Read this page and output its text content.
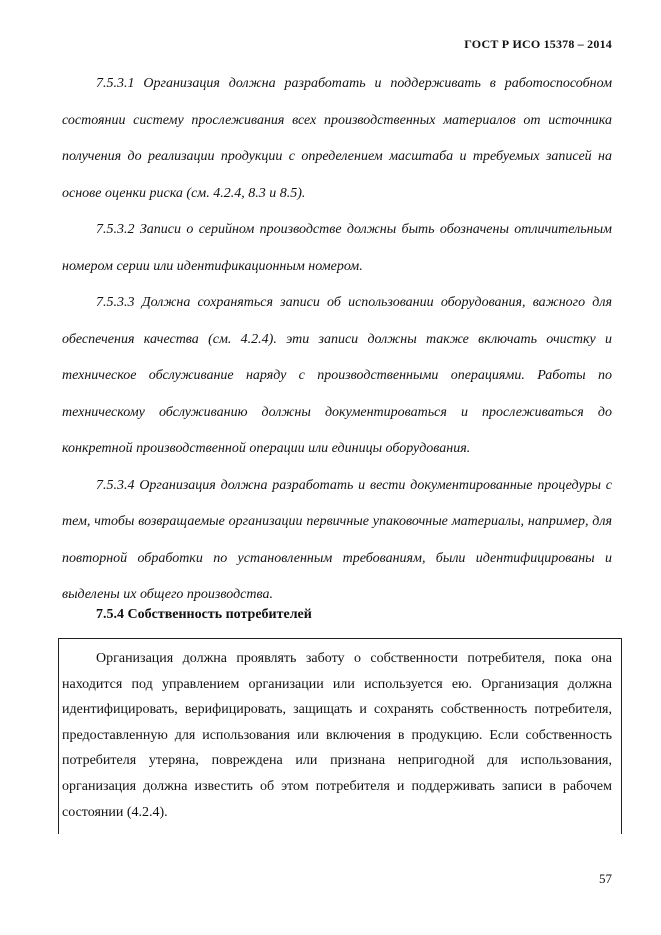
ГОСТ Р ИСО 15378 – 2014

7.5.3.1 Организация должна разработать и поддерживать в работоспособном состоянии систему прослеживания всех производственных материалов от источника получения до реализации продукции с определением масштаба и требуемых записей на основе оценки риска (см. 4.2.4, 8.3 и 8.5).

7.5.3.2 Записи о серийном производстве должны быть обозначены отличительным номером серии или идентификационным номером.

7.5.3.3 Должна сохраняться записи об использовании оборудования, важного для обеспечения качества (см. 4.2.4). эти записи должны также включать очистку и техническое обслуживание наряду с производственными операциями. Работы по техническому обслуживанию должны документироваться и прослеживаться до конкретной производственной операции или единицы оборудования.

7.5.3.4 Организация должна разработать и вести документированные процедуры с тем, чтобы возвращаемые организации первичные упаковочные материалы, например, для повторной обработки по установленным требованиям, были идентифицированы и выделены их общего производства.

7.5.4 Собственность потребителей

Организация должна проявлять заботу о собственности потребителя, пока она находится под управлением организации или используется ею. Организация должна идентифицировать, верифицировать, защищать и сохранять собственность потребителя, предоставленную для использования или включения в продукцию. Если собственность потребителя утеряна, повреждена или признана непригодной для использования, организация должна известить об этом потребителя и поддерживать записи в рабочем состоянии (4.2.4).

57
